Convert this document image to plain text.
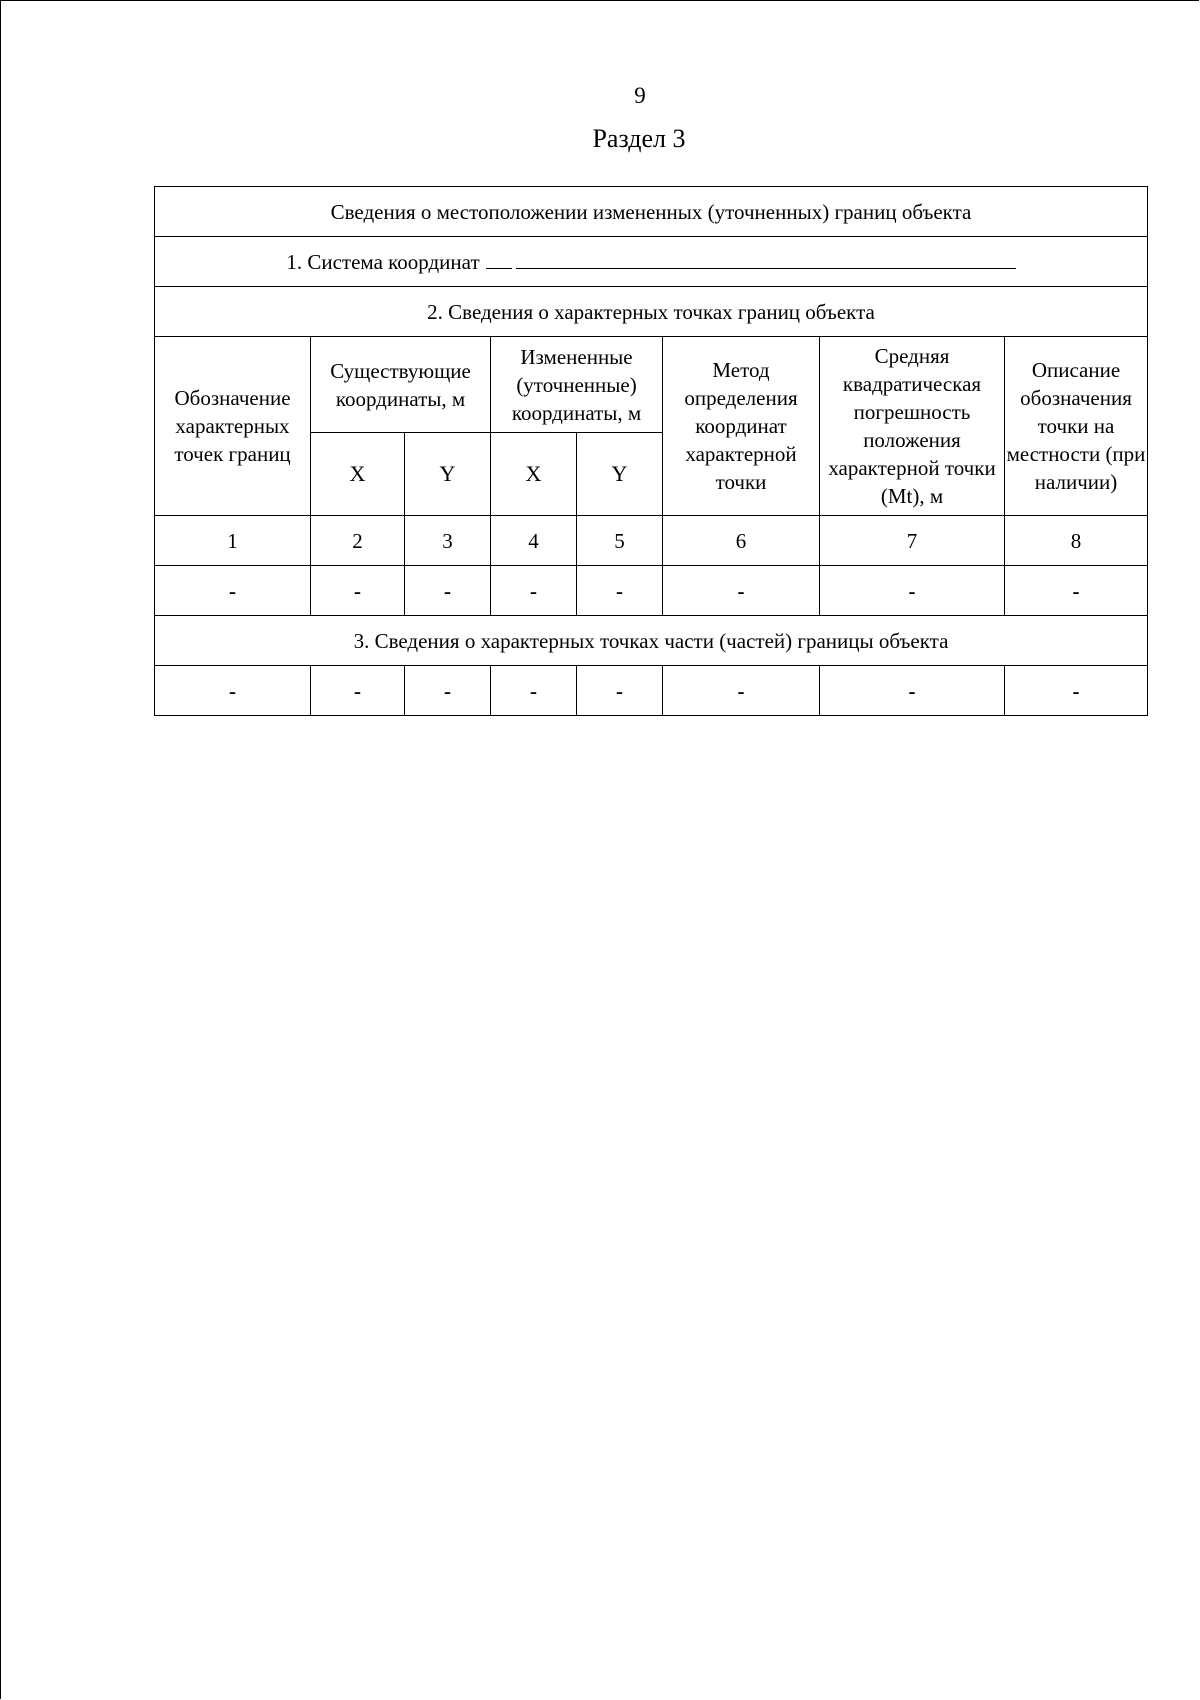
9
Раздел 3
Сведения о местоположении измененных (уточненных) границ объекта							
1. Система координат							
2. Сведения о характерных точках границ объекта							
Обозначение характерных точек границ	Существующие координаты, м		Измененные (уточненные) координаты, м		Метод определения координат характерной точки	Средняя квадратическая погрешность положения характерной точки (Mt), м	Описание обозначения точки на местности (при наличии)
	X	Y	X	Y			
1	2	3	4	5	6	7	8
-	-	-	-	-	-	-	-
3. Сведения о характерных точках части (частей) границы объекта							
-	-	-	-	-	-	-	-
